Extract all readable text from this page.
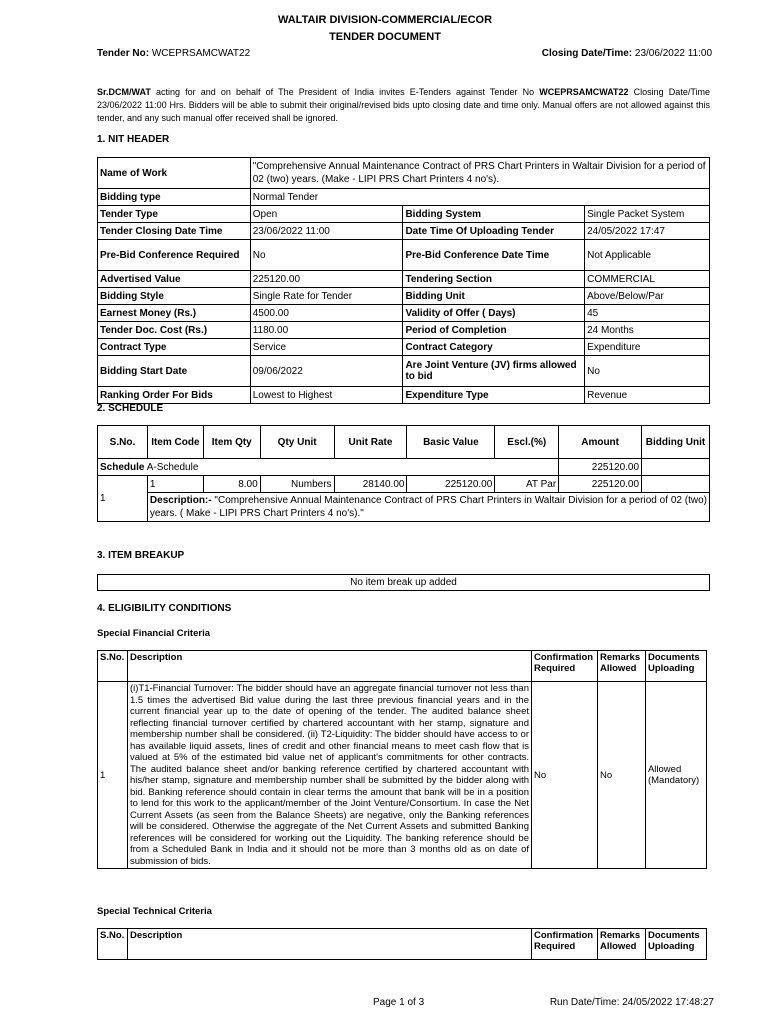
WALTAIR DIVISION-COMMERCIAL/ECOR
TENDER DOCUMENT
Tender No: WCEPRSAMCWAT22	Closing Date/Time: 23/06/2022 11:00
Sr.DCM/WAT acting for and on behalf of The President of India invites E-Tenders against Tender No WCEPRSAMCWAT22 Closing Date/Time 23/06/2022 11:00 Hrs. Bidders will be able to submit their original/revised bids upto closing date and time only. Manual offers are not allowed against this tender, and any such manual offer received shall be ignored.
1. NIT HEADER
Name of Work	"Comprehensive Annual Maintenance Contract of PRS Chart Printers in Waltair Division for a period of 02 (two) years. (Make - LIPI PRS Chart Printers 4 no's).		
Bidding type	Normal Tender		
Tender Type	Open	Bidding System	Single Packet System
Tender Closing Date Time	23/06/2022 11:00	Date Time Of Uploading Tender	24/05/2022 17:47
Pre-Bid Conference Required	No	Pre-Bid Conference Date Time	Not Applicable
Advertised Value	225120.00	Tendering Section	COMMERCIAL
Bidding Style	Single Rate for Tender	Bidding Unit	Above/Below/Par
Earnest Money (Rs.)	4500.00	Validity of Offer ( Days)	45
Tender Doc. Cost (Rs.)	1180.00	Period of Completion	24 Months
Contract Type	Service	Contract Category	Expenditure
Bidding Start Date	09/06/2022	Are Joint Venture (JV) firms allowed to bid	No
Ranking Order For Bids	Lowest to Highest	Expenditure Type	Revenue
2. SCHEDULE
S.No.	Item Code	Item Qty	Qty Unit	Unit Rate	Basic Value	Escl.(%)	Amount	Bidding Unit
Schedule A-Schedule							225120.00	
1	1	8.00	Numbers	28140.00	225120.00	AT Par	225120.00	
	Description:- "Comprehensive Annual Maintenance Contract of PRS Chart Printers in Waltair Division for a period of 02 (two) years. ( Make - LIPI PRS Chart Printers 4 no's)."							
3. ITEM BREAKUP
No item break up added
4. ELIGIBILITY CONDITIONS
Special Financial Criteria
S.No.	Description	Confirmation Required	Remarks Allowed	Documents Uploading
1	(i)T1-Financial Turnover: The bidder should have an aggregate financial turnover not less than 1.5 times the advertised Bid value during the last three previous financial years and in the current financial year up to the date of opening of the tender. The audited balance sheet reflecting financial turnover certified by chartered accountant with her stamp, signature and membership number shall be considered. (ii) T2-Liquidity: The bidder should have access to or has available liquid assets, lines of credit and other financial means to meet cash flow that is valued at 5% of the estimated bid value net of applicant's commitments for other contracts. The audited balance sheet and/or banking reference certified by chartered accountant with his/her stamp, signature and membership number shall be submitted by the bidder along with bid. Banking reference should contain in clear terms the amount that bank will be in a position to lend for this work to the applicant/member of the Joint Venture/Consortium. In case the Net Current Assets (as seen from the Balance Sheets) are negative, only the Banking references will be considered. Otherwise the aggregate of the Net Current Assets and submitted Banking references will be considered for working out the Liquidity. The banking reference should be from a Scheduled Bank in India and it should not be more than 3 months old as on date of submission of bids.	No	No	Allowed (Mandatory)
Special Technical Criteria
S.No.	Description	Confirmation Required	Remarks Allowed	Documents Uploading
Page 1 of 3	Run Date/Time: 24/05/2022 17:48:27
